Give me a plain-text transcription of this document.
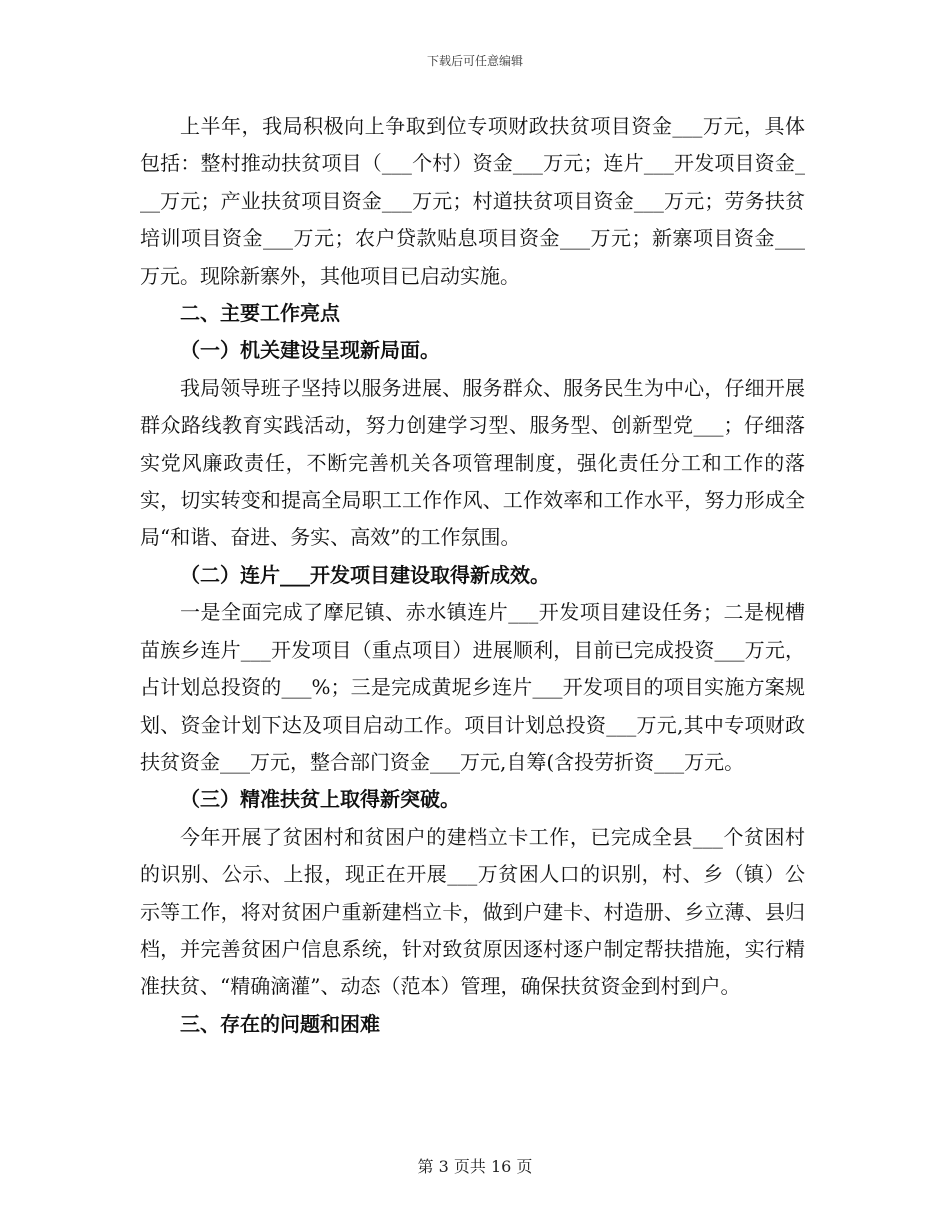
下载后可任意编辑

上半年，我局积极向上争取到位专项财政扶贫项目资金___万元，具体包括：整村推动扶贫项目（___个村）资金___万元；连片___开发项目资金___万元；产业扶贫项目资金___万元；村道扶贫项目资金___万元；劳务扶贫培训项目资金___万元；农户贷款贴息项目资金___万元；新寨项目资金___万元。现除新寨外，其他项目已启动实施。

二、主要工作亮点

（一）机关建设呈现新局面。

我局领导班子坚持以服务进展、服务群众、服务民生为中心，仔细开展群众路线教育实践活动，努力创建学习型、服务型、创新型党___；仔细落实党风廉政责任，不断完善机关各项管理制度，强化责任分工和工作的落实，切实转变和提高全局职工工作作风、工作效率和工作水平，努力形成全局“和谐、奋进、务实、高效”的工作氛围。

（二）连片___开发项目建设取得新成效。

一是全面完成了摩尼镇、赤水镇连片___开发项目建设任务；二是枧槽苗族乡连片___开发项目（重点项目）进展顺利，目前已完成投资___万元，占计划总投资的___%；三是完成黄坭乡连片___开发项目的项目实施方案规划、资金计划下达及项目启动工作。项目计划总投资___万元,其中专项财政扶贫资金___万元，整合部门资金___万元,自筹(含投劳折资___万元。

（三）精准扶贫上取得新突破。

今年开展了贫困村和贫困户的建档立卡工作，已完成全县___个贫困村的识别、公示、上报，现正在开展___万贫困人口的识别，村、乡（镇）公示等工作，将对贫困户重新建档立卡，做到户建卡、村造册、乡立薄、县归档，并完善贫困户信息系统，针对致贫原因逐村逐户制定帮扶措施，实行精准扶贫、“精确滴灌”、动态（范本）管理，确保扶贫资金到村到户。

三、存在的问题和困难

第 3 页共 16 页
